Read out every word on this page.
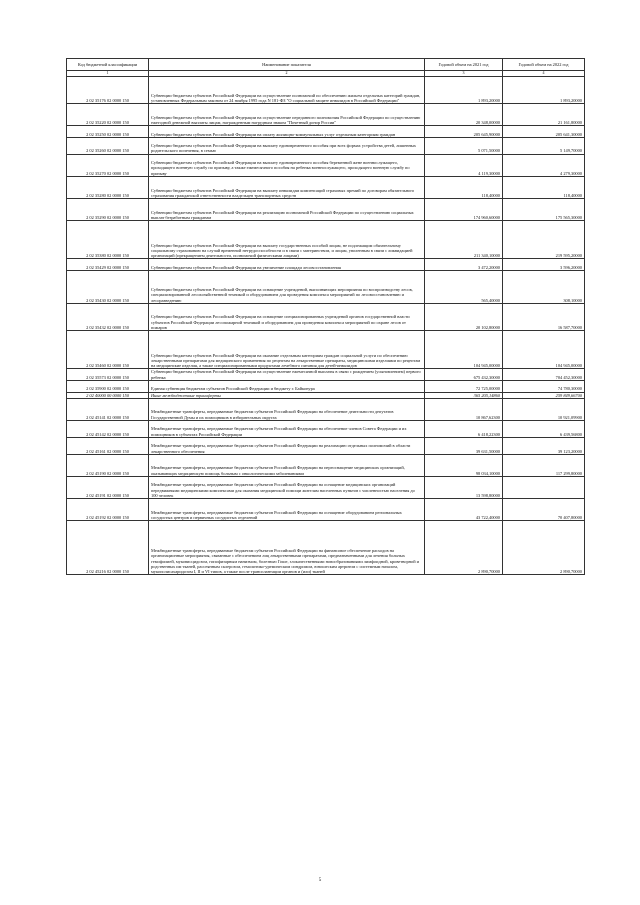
Код бюджетной классификации	Наименование показателя	Годовой объем на 2021 год	Годовой объем на 2022 год
1	2	3	4
2 02 35176 02 0000 150	Субвенции бюджетам субъектов Российской Федерации на осуществление полномочий по обеспечению жильем отдельных категорий граждан, установленных Федеральным законом от 24 ноября 1995 года N 181-ФЗ "О социальной защите инвалидов в Российской Федерации"	1 893,20000	1 893,20000
2 02 35220 02 0000 150	Субвенции бюджетам субъектов Российской Федерации на осуществление переданного полномочия Российской Федерации по осуществлению ежегодной денежной выплаты лицам, награжденным нагрудным знаком "Почетный донор России"	20 348,00000	21 161,80000
2 02 35250 02 0000 150	Субвенции бюджетам субъектов Российской Федерации на оплату жилищно-коммунальных услуг отдельным категориям граждан	205 645,90000	205 641,30000
2 02 35260 02 0000 150	Субвенции бюджетам субъектов Российской Федерации на выплату единовременного пособия при всех формах устройства детей, лишенных родительского попечения, в семью	5 071,50000	5 149,70000
2 02 35270 02 0000 150	Субвенции бюджетам субъектов Российской Федерации на выплату единовременного пособия беременной жене военнослужащего, проходящего военную службу по призыву, а также ежемесячного пособия на ребенка военнослужащего, проходящего военную службу по призыву	4 119,30000	4 279,30000
2 02 35280 02 0000 150	Субвенции бюджетам субъектов Российской Федерации на выплату инвалидам компенсаций страховых премий по договорам обязательного страхования гражданской ответственности владельцев транспортных средств	118,40000	118,40000
2 02 35290 02 0000 150	Субвенции бюджетам субъектов Российской Федерации на реализацию полномочий Российской Федерации по осуществлению социальных выплат безработным гражданам	174 960,60000	175 565,30000
2 02 35380 02 0000 150	Субвенции бюджетам субъектов Российской Федерации на выплату государственных пособий лицам, не подлежащим обязательному социальному страхованию на случай временной нетрудоспособности и в связи с материнством, и лицам, уволенным в связи с ликвидацией организаций (прекращением деятельности, полномочий физическими лицами)	211 340,10000	219 595,20000
2 02 35429 02 0000 150	Субвенции бюджетам субъектов Российской Федерации на увеличение площади лесовосстановления	3 472,20000	3 596,20000
2 02 35430 02 0000 150	Субвенции бюджетам субъектов Российской Федерации на оснащение учреждений, выполняющих мероприятия по воспроизводству лесов, специализированной лесохозяйственной техникой и оборудованием для проведения комплекса мероприятий по лесовосстановлению и лесоразведению	565,40000	308,10000
2 02 35432 02 0000 150	Субвенции бюджетам субъектов Российской Федерации на оснащение специализированных учреждений органов государственной власти субъектов Российской Федерации лесопожарной техникой и оборудованием для проведения комплекса мероприятий по охране лесов от пожаров	20 102,80000	16 587,70000
2 02 35460 02 0000 150	Субвенции бюджетам субъектов Российской Федерации на оказание отдельным категориям граждан социальной услуги по обеспечению лекарственными препаратами для медицинского применения по рецептам на лекарственные препараты, медицинскими изделиями по рецептам на медицинские изделия, а также специализированными продуктами лечебного питания для детей-инвалидов	104 945,00000	104 945,00000
2 02 35573 02 0000 150	Субвенции бюджетам субъектов Российской Федерации на осуществление ежемесячной выплаты в связи с рождением (усыновлением) первого ребенка	675 432,30000	704 452,30000
2 02 35900 02 0000 150	Единая субвенция бюджетам субъектов Российской Федерации и бюджету г. Байконура	72 725,00000	74 780,30000
2 02 40000 00 0000 150	Иные межбюджетные трансферты	365 205,14860	259 849,66700
2 02 45141 02 0000 150	Межбюджетные трансферты, передаваемые бюджетам субъектов Российской Федерации на обеспечение деятельности депутатов Государственной Думы и их помощников в избирательных округах	10 867,62300	10 921,09900
2 02 45142 02 0000 150	Межбюджетные трансферты, передаваемые бюджетам субъектов Российской Федерации на обеспечение членов Совета Федерации и их помощников в субъектах Российской Федерации	6 418,22300	6 439,56800
2 02 45161 02 0000 150	Межбюджетные трансферты, передаваемые бюджетам субъектов Российской Федерации на реализацию отдельных полномочий в области лекарственного обеспечения	39 631,50000	39 123,20000
2 02 45190 02 0000 150	Межбюджетные трансферты, передаваемые бюджетам субъектов Российской Федерации на переоснащение медицинских организаций, оказывающих медицинскую помощь больным с онкологическими заболеваниями	98 034,10000	117 299,80000
2 02 45191 02 0000 150	Межбюджетные трансферты, передаваемые бюджетам субъектов Российской Федерации на оснащение медицинских организаций передвижными медицинскими комплексами для оказания медицинской помощи жителям населенных пунктов с численностью населения до 100 человек	13 598,80000	
2 02 45192 02 0000 150	Межбюджетные трансферты, передаваемые бюджетам субъектов Российской Федерации на оснащение оборудованием региональных сосудистых центров и первичных сосудистых отделений	43 722,40000	70 407,80000
2 02 45216 02 0000 150	Межбюджетные трансферты, передаваемые бюджетам субъектов Российской Федерации на финансовое обеспечение расходов на организационные мероприятия, связанные с обеспечением лиц лекарственными препаратами, предназначенными для лечения больных гемофилией, муковисцидозом, гипофизарным нанизмом, болезнью Гоше, злокачественными новообразованиями лимфоидной, кроветворной и родственных им тканей, рассеянным склерозом, гемолитико-уремическим синдромом, юношеским артритом с системным началом, мукополисахаридозом I, II и VI типов, а также после трансплантации органов и (или) тканей	2 890,70000	2 890,70000
5
